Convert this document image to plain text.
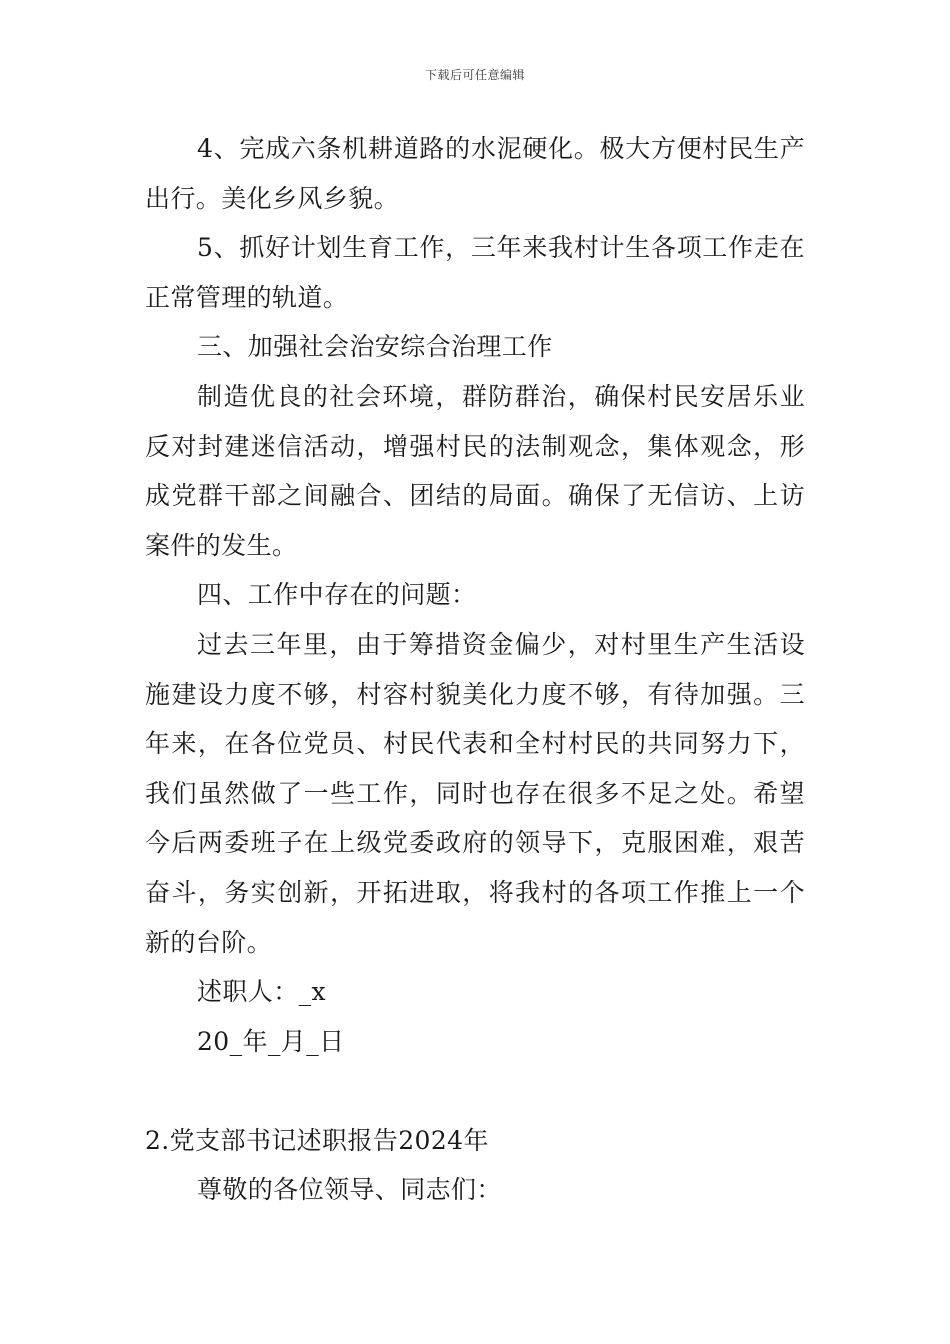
下载后可任意编辑

4、完成六条机耕道路的水泥硬化。极大方便村民生产出行。美化乡风乡貌。

5、抓好计划生育工作，三年来我村计生各项工作走在正常管理的轨道。

三、加强社会治安综合治理工作

制造优良的社会环境，群防群治，确保村民安居乐业反对封建迷信活动，增强村民的法制观念，集体观念，形成党群干部之间融合、团结的局面。确保了无信访、上访案件的发生。

四、工作中存在的问题：

过去三年里，由于筹措资金偏少，对村里生产生活设施建设力度不够，村容村貌美化力度不够，有待加强。三年来，在各位党员、村民代表和全村村民的共同努力下，我们虽然做了一些工作，同时也存在很多不足之处。希望今后两委班子在上级党委政府的领导下，克服困难，艰苦奋斗，务实创新，开拓进取，将我村的各项工作推上一个新的台阶。

述职人：_x

20_年_月_日

2.党支部书记述职报告2024年

尊敬的各位领导、同志们：
